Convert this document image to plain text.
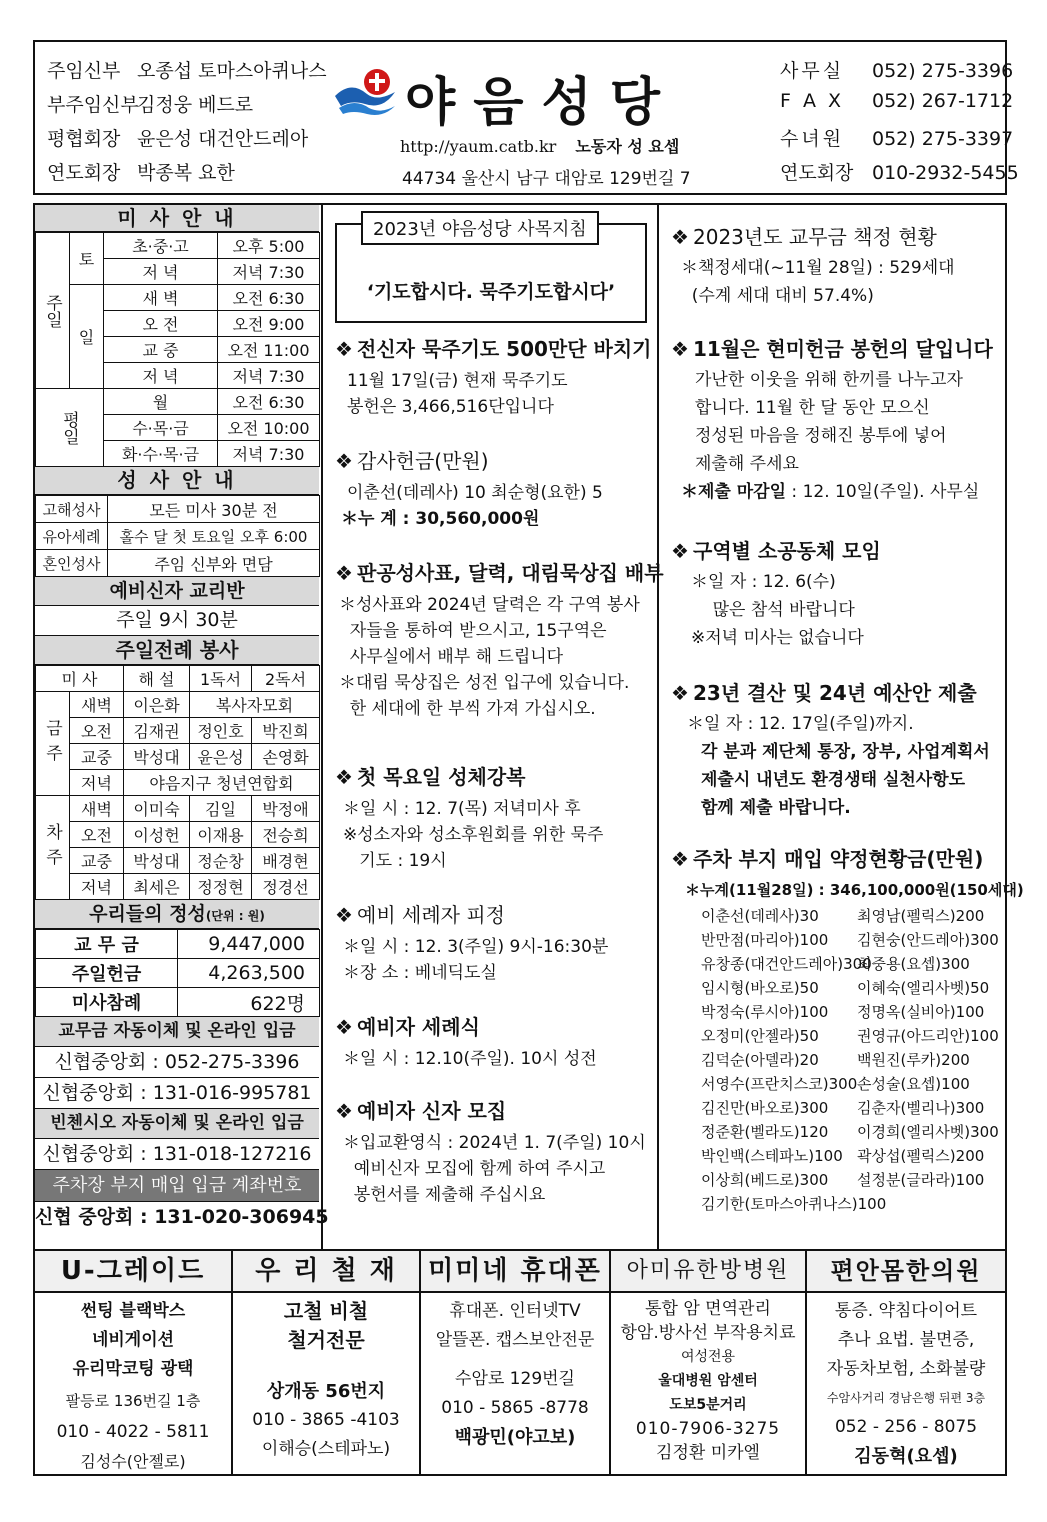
주임신부 오종섭 토마스아퀴나스
부주임신부김정웅 베드로
평협회장 윤은성 대건안드레아
연도회장 박종복 요한
야음성당
http://yaum.catb.kr 노동자 성 요셉
44734 울산시 남구 대암로 129번길 7
사무실 052) 275-3396
F A X 052) 267-1712
수녀원 052) 275-3397
연도회장 010-2932-5455
미 사 안 내
주일	토	초·중·고	오후 5:00
		저 녁	저녁 7:30
	일	새 벽	오전 6:30
		오 전	오전 9:00
		교 중	오전 11:00
		저 녁	저녁 7:30
평일		월	오전 6:30
		수·목·금	오전 10:00
		화·수·목·금	저녁 7:30
성 사 안 내
고해성사	모든 미사 30분 전
유아세례	홀수 달 첫 토요일 오후 6:00
혼인성사	주임 신부와 면담
예비신자 교리반
주일 9시 30분
주일전례 봉사
미 사		해 설	1독서	2독서
금주	새벽	이은화	복사자모회	
	오전	김재권	정인호	박진희
	교중	박성대	윤은성	손영화
	저녁	야음지구 청년연합회		
차주	새벽	이미숙	김일	박정애
	오전	이성헌	이재용	전승희
	교중	박성대	정순창	배경현
	저녁	최세은	정정현	정경선
우리들의 정성(단위 : 원)
교 무 금	9,447,000
주일헌금	4,263,500
미사참례	622명
교무금 자동이체 및 온라인 입금
신협중앙회 : 052-275-3396
신협중앙회 : 131-016-995781
빈첸시오 자동이체 및 온라인 입금
신협중앙회 : 131-018-127216
주차장 부지 매입 입금 계좌번호
신협 중앙회 : 131-020-306945
2023년 야음성당 사목지침
‘기도합시다. 묵주기도합시다’
❖ 전신자 묵주기도 500만단 바치기

11월 17일(금) 현재 묵주기도

봉헌은 3,466,516단입니다

❖ 감사헌금(만원)

이춘선(데레사) 10 최순형(요한) 5

＊누 계 : 30,560,000원

❖ 판공성사표, 달력, 대림묵상집 배부

＊성사표와 2024년 달력은 각 구역 봉사

자들을 통하여 받으시고, 15구역은

사무실에서 배부 해 드립니다

＊대림 묵상집은 성전 입구에 있습니다.

한 세대에 한 부씩 가져 가십시오.

❖ 첫 목요일 성체강복

＊일 시 : 12. 7(목) 저녁미사 후

※성소자와 성소후원회를 위한 묵주

기도 : 19시

❖ 예비 세례자 피정

＊일 시 : 12. 3(주일) 9시-16:30분

＊장 소 : 베네딕도실

❖ 예비자 세례식

＊일 시 : 12.10(주일). 10시 성전

❖ 예비자 신자 모집

＊입교환영식 : 2024년 1. 7(주일) 10시

예비신자 모집에 함께 하여 주시고

봉헌서를 제출해 주십시요

❖ 2023년도 교무금 책정 현황
＊책정세대(~11월 28일) : 529세대
(수계 세대 대비 57.4%)
❖ 11월은 현미헌금 봉헌의 달입니다
가난한 이웃을 위해 한끼를 나누고자
합니다. 11월 한 달 동안 모으신
정성된 마음을 정해진 봉투에 넣어
제출해 주세요
＊제출 마감일 : 12. 10일(주일). 사무실
❖ 구역별 소공동체 모임
＊일 자 : 12. 6(수)
많은 참석 바랍니다
※저녁 미사는 없습니다
❖ 23년 결산 및 24년 예산안 제출
＊일 자 : 12. 17일(주일)까지.
각 분과 제단체 통장, 장부, 사업계획서
제출시 내년도 환경생태 실천사항도
함께 제출 바랍니다.
❖ 주차 부지 매입 약정현황금(만원)
＊누계(11월28일) : 346,100,000원(150세대)
이춘선(데레사)30	최영남(펠릭스)200
반만점(마리아)100 김현숭(안드레아)300
유창종(대건안드레아)300최중용(요셉)300
임시형(바오로)50	이혜숙(엘리사벳)50
박정숙(루시아)100 정명옥(실비아)100
오정미(안젤라)50	권영규(아드리안)100
김덕순(아델라)20	백원진(루카)200
서영수(프란치스코)300손성술(요셉)100
김진만(바오로)300 김춘자(벨리나)300
정준환(벨라도)120 이경희(엘리사벳)300
박인백(스테파노)100 곽상섭(펠릭스)200
이상희(베드로)300 설정분(글라라)100
김기한(토마스아퀴나스)100
U-그레이드
썬팅 블랙박스
네비게이션
유리막코팅 광택
팔등로 136번길 1층
010 - 4022 - 5811
김성수(안젤로)
우 리 철 재
고철 비철
철거전문
상개동 56번지
010 - 3865 -4103
이해승(스테파노)
미미네 휴대폰
휴대폰. 인터넷TV
알뜰폰. 캡스보안전문
수암로 129번길
010 - 5865 -8778
백광민(야고보)
아미유한방병원
통합 암 면역관리
항암.방사선 부작용치료
여성전용
울대병원 암센터
도보5분거리
010-7906-3275
김정환 미카엘
편안몸한의원
통증. 약침다이어트
추나 요법. 불면증,
자동차보험, 소화불량
수암사거리 경남은행 뒤편 3층
052 - 256 - 8075
김동혁(요셉)
